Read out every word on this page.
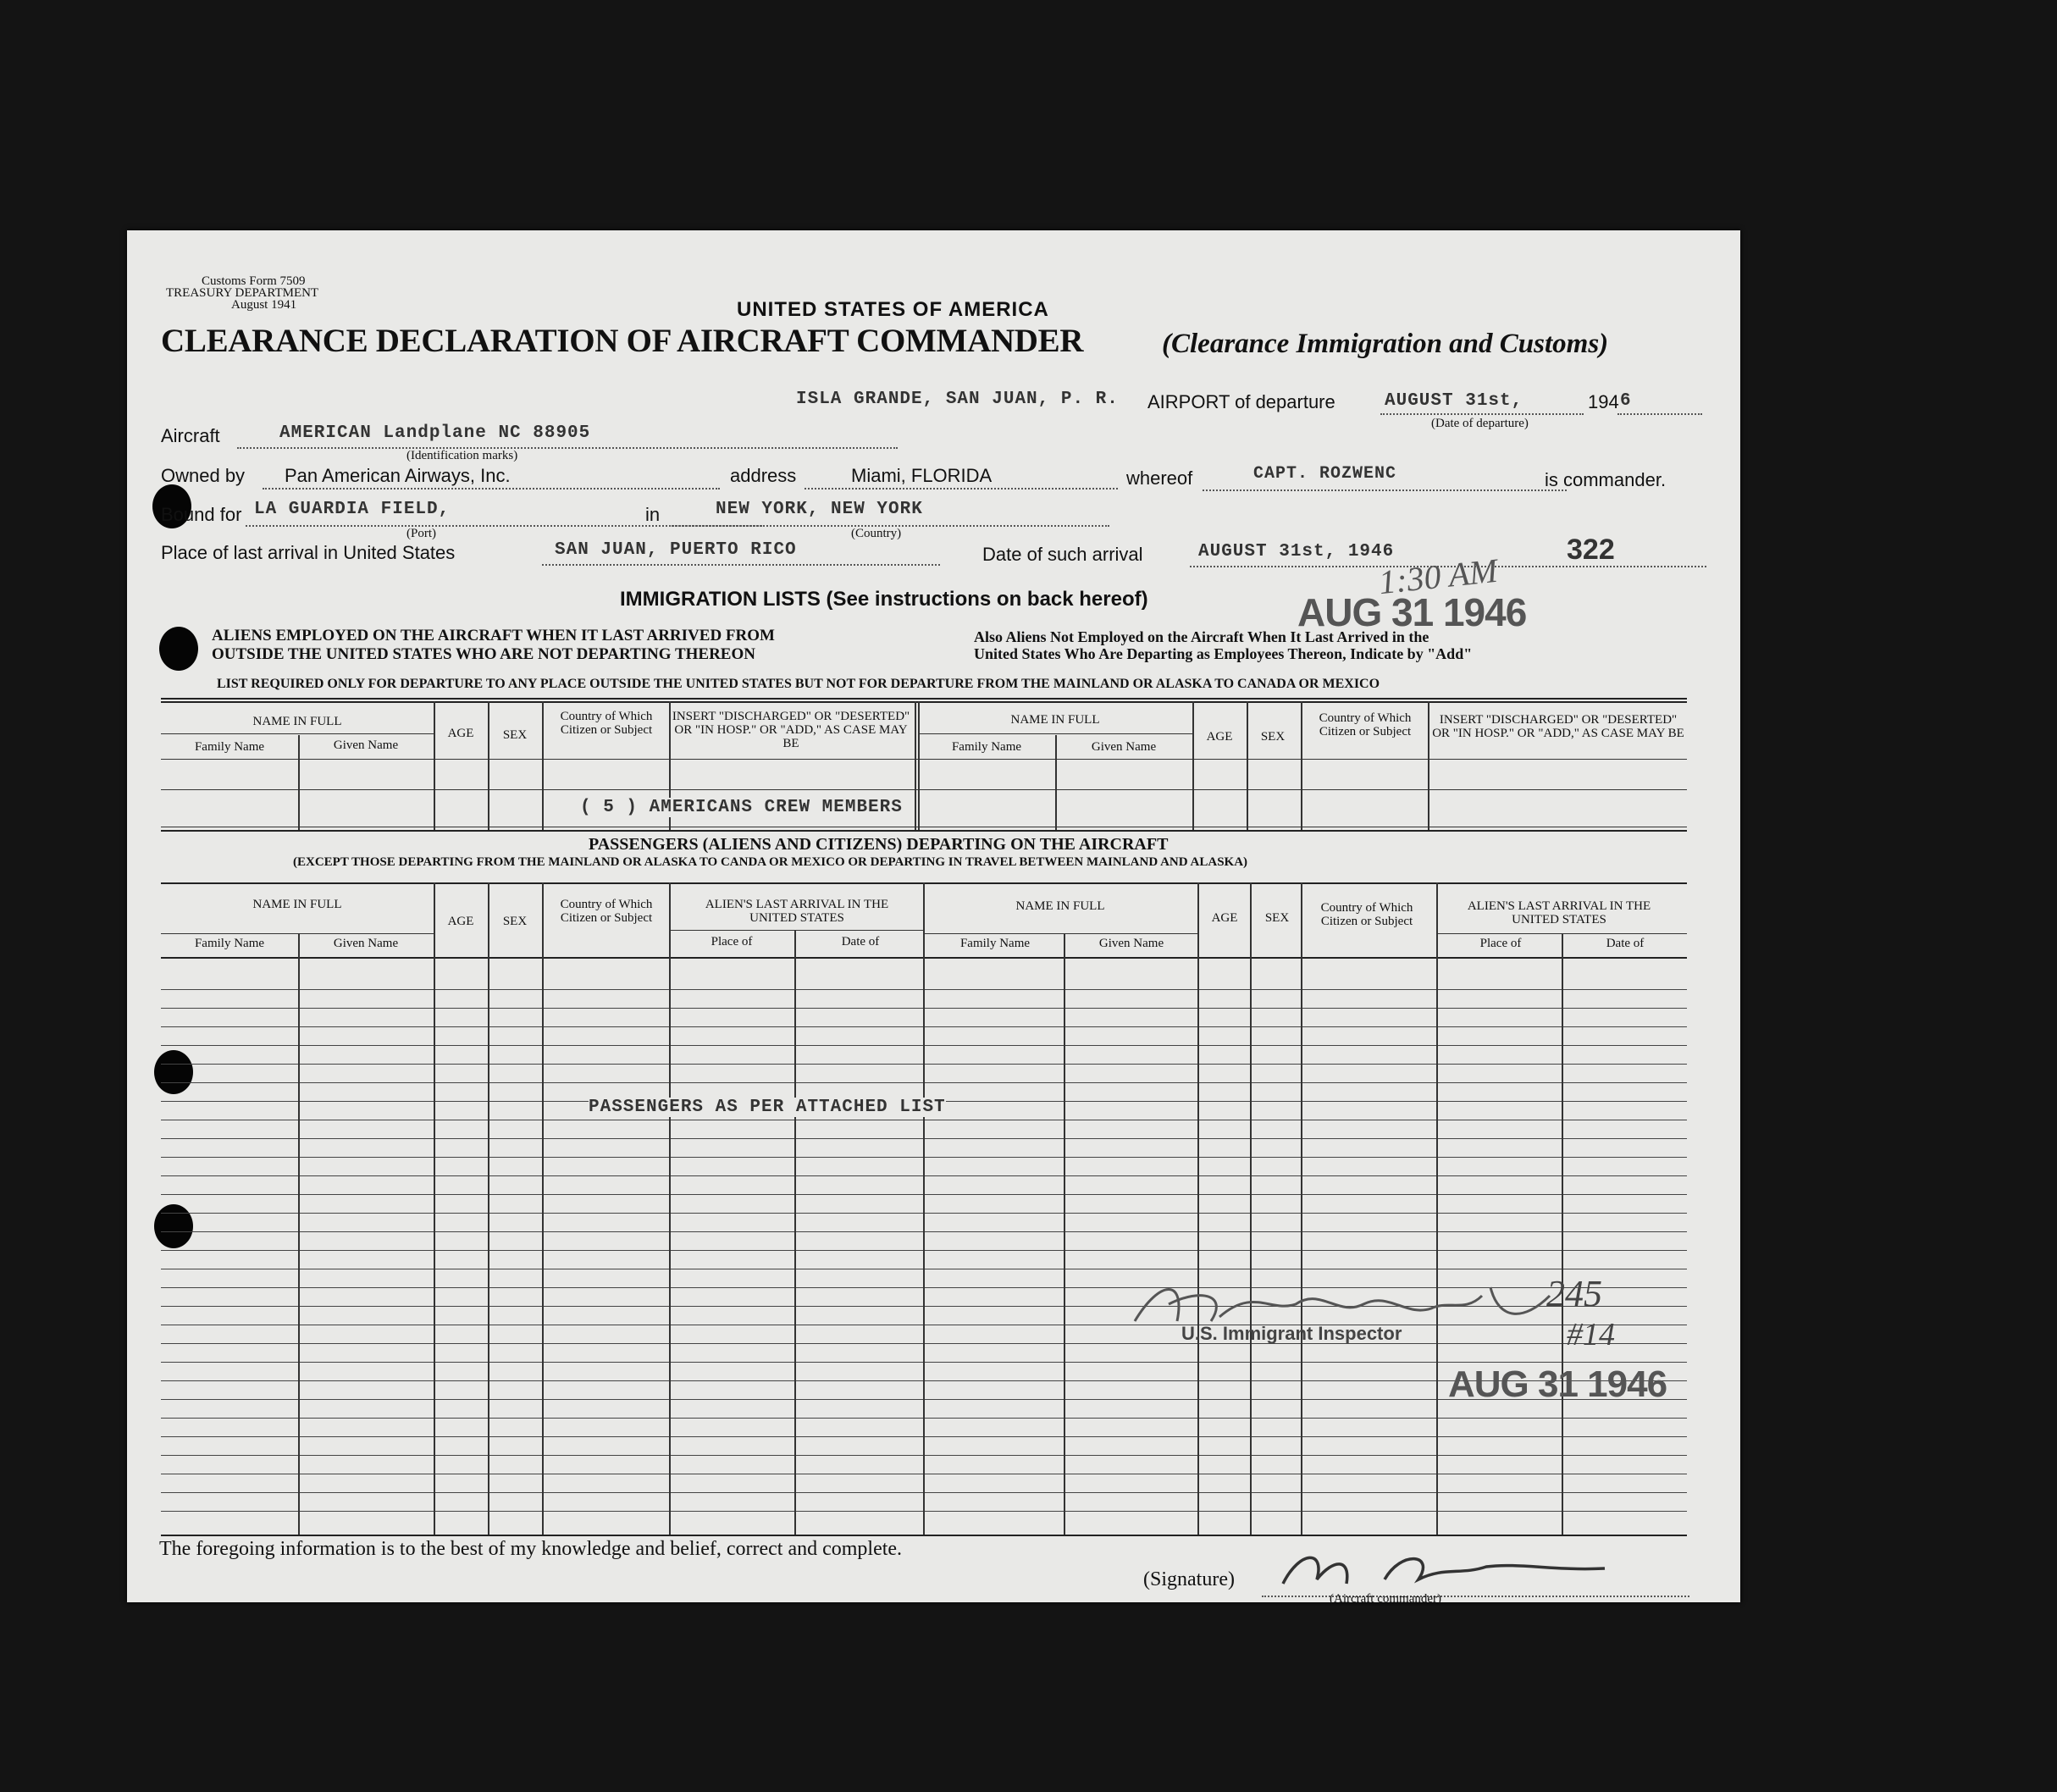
Customs Form 7509
TREASURY DEPARTMENT
August 1941	UNITED STATES OF AMERICA
CLEARANCE DECLARATION OF AIRCRAFT COMMANDER	(Clearance Immigration and Customs)
ISLA GRANDE, SAN JUAN, P. R. AIRPORT of departure	AUGUST 31st,	194 6
(Date of departure)
Aircraft	AMERICAN Landplane NC 88905
(Identification marks)
Owned by Pan American Airways, Inc.	address	Miami, FLORIDA	whereof	CAPT. ROZWENC	is commander.
Bound for LA GUARDIA FIELD,	in	NEW YORK, NEW YORK
(Port)	(Country)
Place of last arrival in United States	SAN JUAN, PUERTO RICO	Date of such arrival	AUGUST 31st, 1946	322
1:30 AM
AUG 31 1946
IMMIGRATION LISTS (See instructions on back hereof)
ALIENS EMPLOYED ON THE AIRCRAFT WHEN IT LAST ARRIVED FROM
OUTSIDE THE UNITED STATES WHO ARE NOT DEPARTING THEREON
Also Aliens Not Employed on the Aircraft When It Last Arrived in the
United States Who Are Departing as Employees Thereon, Indicate by "Add"
LIST REQUIRED ONLY FOR DEPARTURE TO ANY PLACE OUTSIDE THE UNITED STATES BUT NOT FOR DEPARTURE FROM THE MAINLAND OR ALASKA TO CANADA OR MEXICO
NAME IN FULL
Family Name	Given Name
AGE	SEX
Country of Which Citizen or Subject
INSERT "DISCHARGED" OR "DESERTED" OR "IN HOSP." OR "ADD," AS CASE MAY BE
NAME IN FULL
Family Name	Given Name
AGE	SEX
Country of Which Citizen or Subject
INSERT "DISCHARGED" OR "DESERTED" OR "IN HOSP." OR "ADD," AS CASE MAY BE
( 5 ) AMERICANS CREW MEMBERS
PASSENGERS (ALIENS AND CITIZENS) DEPARTING ON THE AIRCRAFT
(EXCEPT THOSE DEPARTING FROM THE MAINLAND OR ALASKA TO CANDA OR MEXICO OR DEPARTING IN TRAVEL BETWEEN MAINLAND AND ALASKA)
NAME IN FULL
Family Name	Given Name
AGE	SEX
Country of Which Citizen or Subject
ALIEN'S LAST ARRIVAL IN THE UNITED STATES
Place of	Date of
NAME IN FULL
Family Name	Given Name
AGE	SEX
Country of Which Citizen or Subject
ALIEN'S LAST ARRIVAL IN THE UNITED STATES
Place of	Date of
PASSENGERS AS PER ATTACHED LIST
245
#14
U.S. Immigrant Inspector
AUG 31 1946
The foregoing information is to the best of my knowledge and belief, correct and complete.
(Signature)
(Aircraft commander)
